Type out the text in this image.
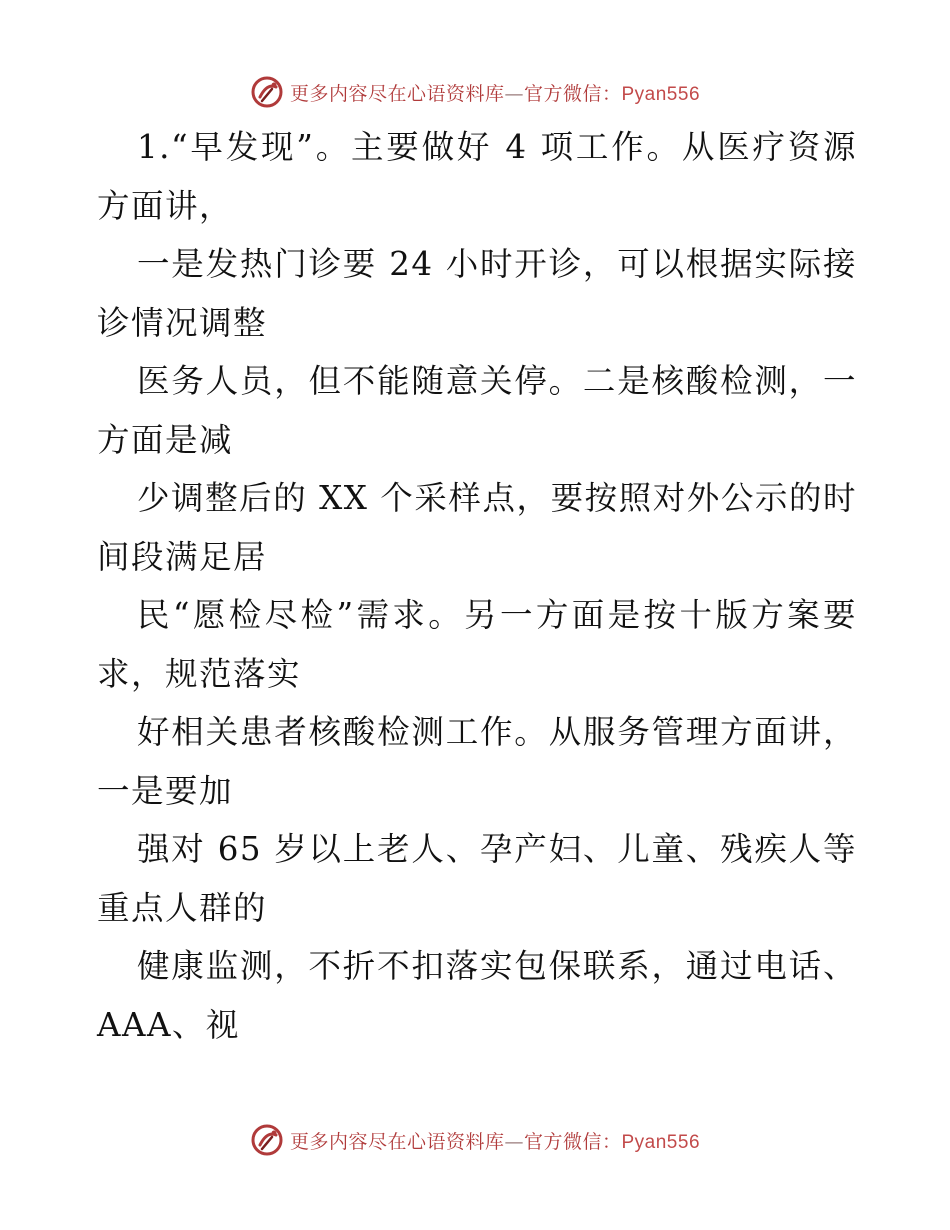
更多内容尽在心语资料库—官方微信：Pyan556

1.“早发现”。主要做好 4 项工作。从医疗资源方面讲，

一是发热门诊要 24 小时开诊，可以根据实际接诊情况调整

医务人员，但不能随意关停。二是核酸检测，一方面是减

少调整后的 XX 个采样点，要按照对外公示的时间段满足居

民“愿检尽检”需求。另一方面是按十版方案要求，规范落实

好相关患者核酸检测工作。从服务管理方面讲，一是要加

强对 65 岁以上老人、孕产妇、儿童、残疾人等重点人群的

健康监测，不折不扣落实包保联系，通过电话、AAA、视

更多内容尽在心语资料库—官方微信：Pyan556
